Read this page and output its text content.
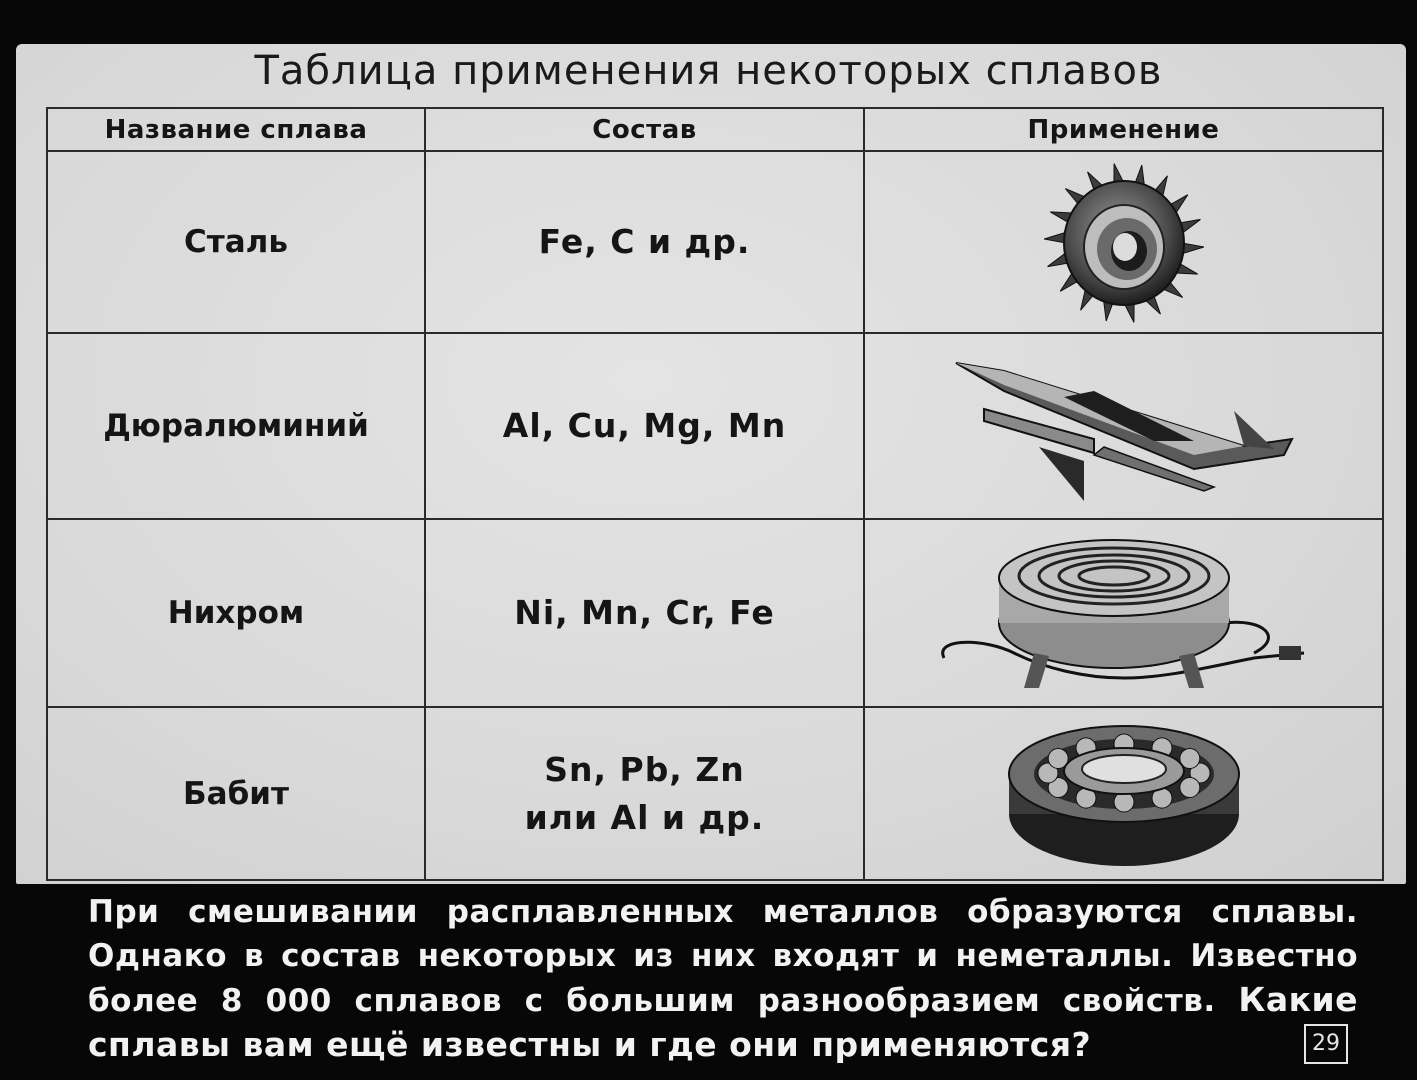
Таблица применения некоторых сплавов
Название сплава	Состав	Применение
Сталь	Fe, C и др.

Дюралюминий	Al, Cu, Mg, Mn

Нихром	Ni, Mn, Cr, Fe

Бабит	Sn, Pb, Zn
или Al и др.

При смешивании расплавленных металлов образуются сплавы. Однако в состав некоторых из них входят и неметаллы. Известно более 8 000 сплавов с большим разнообразием свойств. Какие сплавы вам ещё известны и где они применяются?	29
